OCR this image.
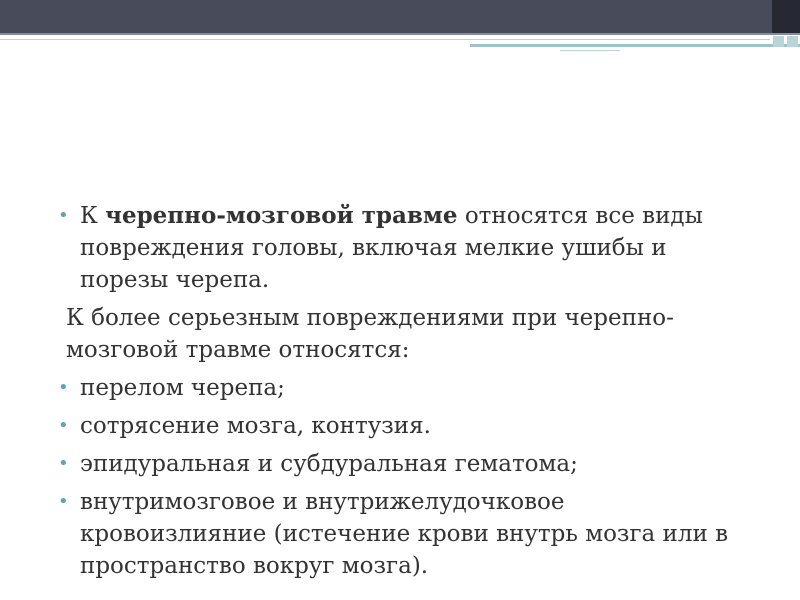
• К черепно-мозговой травме относятся все виды повреждения головы, включая мелкие ушибы и порезы черепа.

К более серьезным повреждениями при черепно-мозговой травме относятся:

• перелом черепа;

• сотрясение мозга, контузия.

• эпидуральная и субдуральная гематома;

• внутримозговое и внутрижелудочковое кровоизлияние (истечение крови внутрь мозга или в пространство вокруг мозга).
